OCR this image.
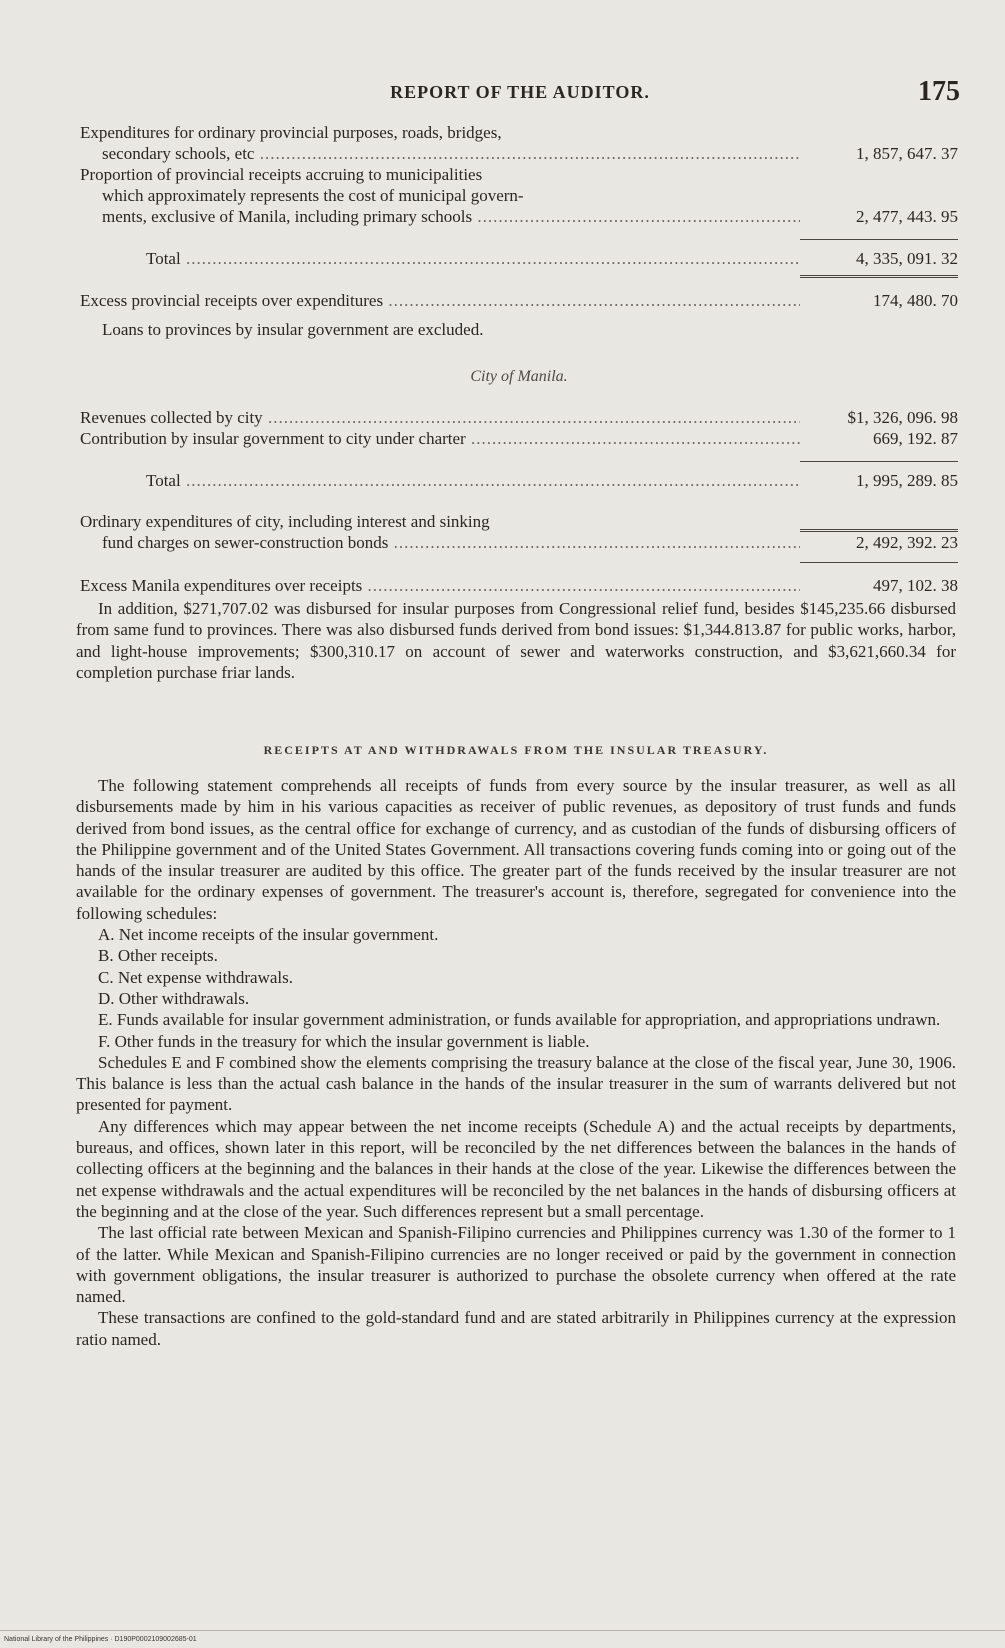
REPORT OF THE AUDITOR.	175
Expenditures for ordinary provincial purposes, roads, bridges,
secondary schools, etc .....	1, 857, 647. 37
Proportion of provincial receipts accruing to municipalities
which approximately represents the cost of municipal govern-
ments, exclusive of Manila, including primary schools .....	2, 477, 443. 95
Total .....	4, 335, 091. 32
Excess provincial receipts over expenditures .....	174, 480. 70
Loans to provinces by insular government are excluded.
City of Manila.
Revenues collected by city .....	$1, 326, 096. 98
Contribution by insular government to city under charter .....	669, 192. 87
Total .....	1, 995, 289. 85
Ordinary expenditures of city, including interest and sinking
fund charges on sewer-construction bonds .....	2, 492, 392. 23
Excess Manila expenditures over receipts .....	497, 102. 38

In addition, $271,707.02 was disbursed for insular purposes from Congressional relief fund, besides $145,235.66 disbursed from same fund to provinces. There was also disbursed funds derived from bond issues: $1,344.813.87 for public works, harbor, and light-house improvements; $300,310.17 on account of sewer and waterworks construction, and $3,621,660.34 for completion purchase friar lands.

RECEIPTS AT AND WITHDRAWALS FROM THE INSULAR TREASURY.

The following statement comprehends all receipts of funds from every source by the insular treasurer, as well as all disbursements made by him in his various capacities as receiver of public revenues, as depository of trust funds and funds derived from bond issues, as the central office for exchange of currency, and as custodian of the funds of disbursing officers of the Philippine government and of the United States Government. All transactions covering funds coming into or going out of the hands of the insular treasurer are audited by this office. The greater part of the funds received by the insular treasurer are not available for the ordinary expenses of government. The treasurer's account is, therefore, segregated for convenience into the following schedules:

A. Net income receipts of the insular government.
B. Other receipts.
C. Net expense withdrawals.
D. Other withdrawals.

E. Funds available for insular government administration, or funds available for appropriation, and appropriations undrawn.

F. Other funds in the treasury for which the insular government is liable.

Schedules E and F combined show the elements comprising the treasury balance at the close of the fiscal year, June 30, 1906. This balance is less than the actual cash balance in the hands of the insular treasurer in the sum of warrants delivered but not presented for payment.

Any differences which may appear between the net income receipts (Schedule A) and the actual receipts by departments, bureaus, and offices, shown later in this report, will be reconciled by the net differences between the balances in the hands of collecting officers at the beginning and the balances in their hands at the close of the year. Likewise the differences between the net expense withdrawals and the actual expenditures will be reconciled by the net balances in the hands of disbursing officers at the beginning and at the close of the year. Such differences represent but a small percentage.

The last official rate between Mexican and Spanish-Filipino currencies and Philippines currency was 1.30 of the former to 1 of the latter. While Mexican and Spanish-Filipino currencies are no longer received or paid by the government in connection with government obligations, the insular treasurer is authorized to purchase the obsolete currency when offered at the rate named.

These transactions are confined to the gold-standard fund and are stated arbitrarily in Philippines currency at the expression ratio named.

National Library of the Philippines · D190P0002109002685-01
